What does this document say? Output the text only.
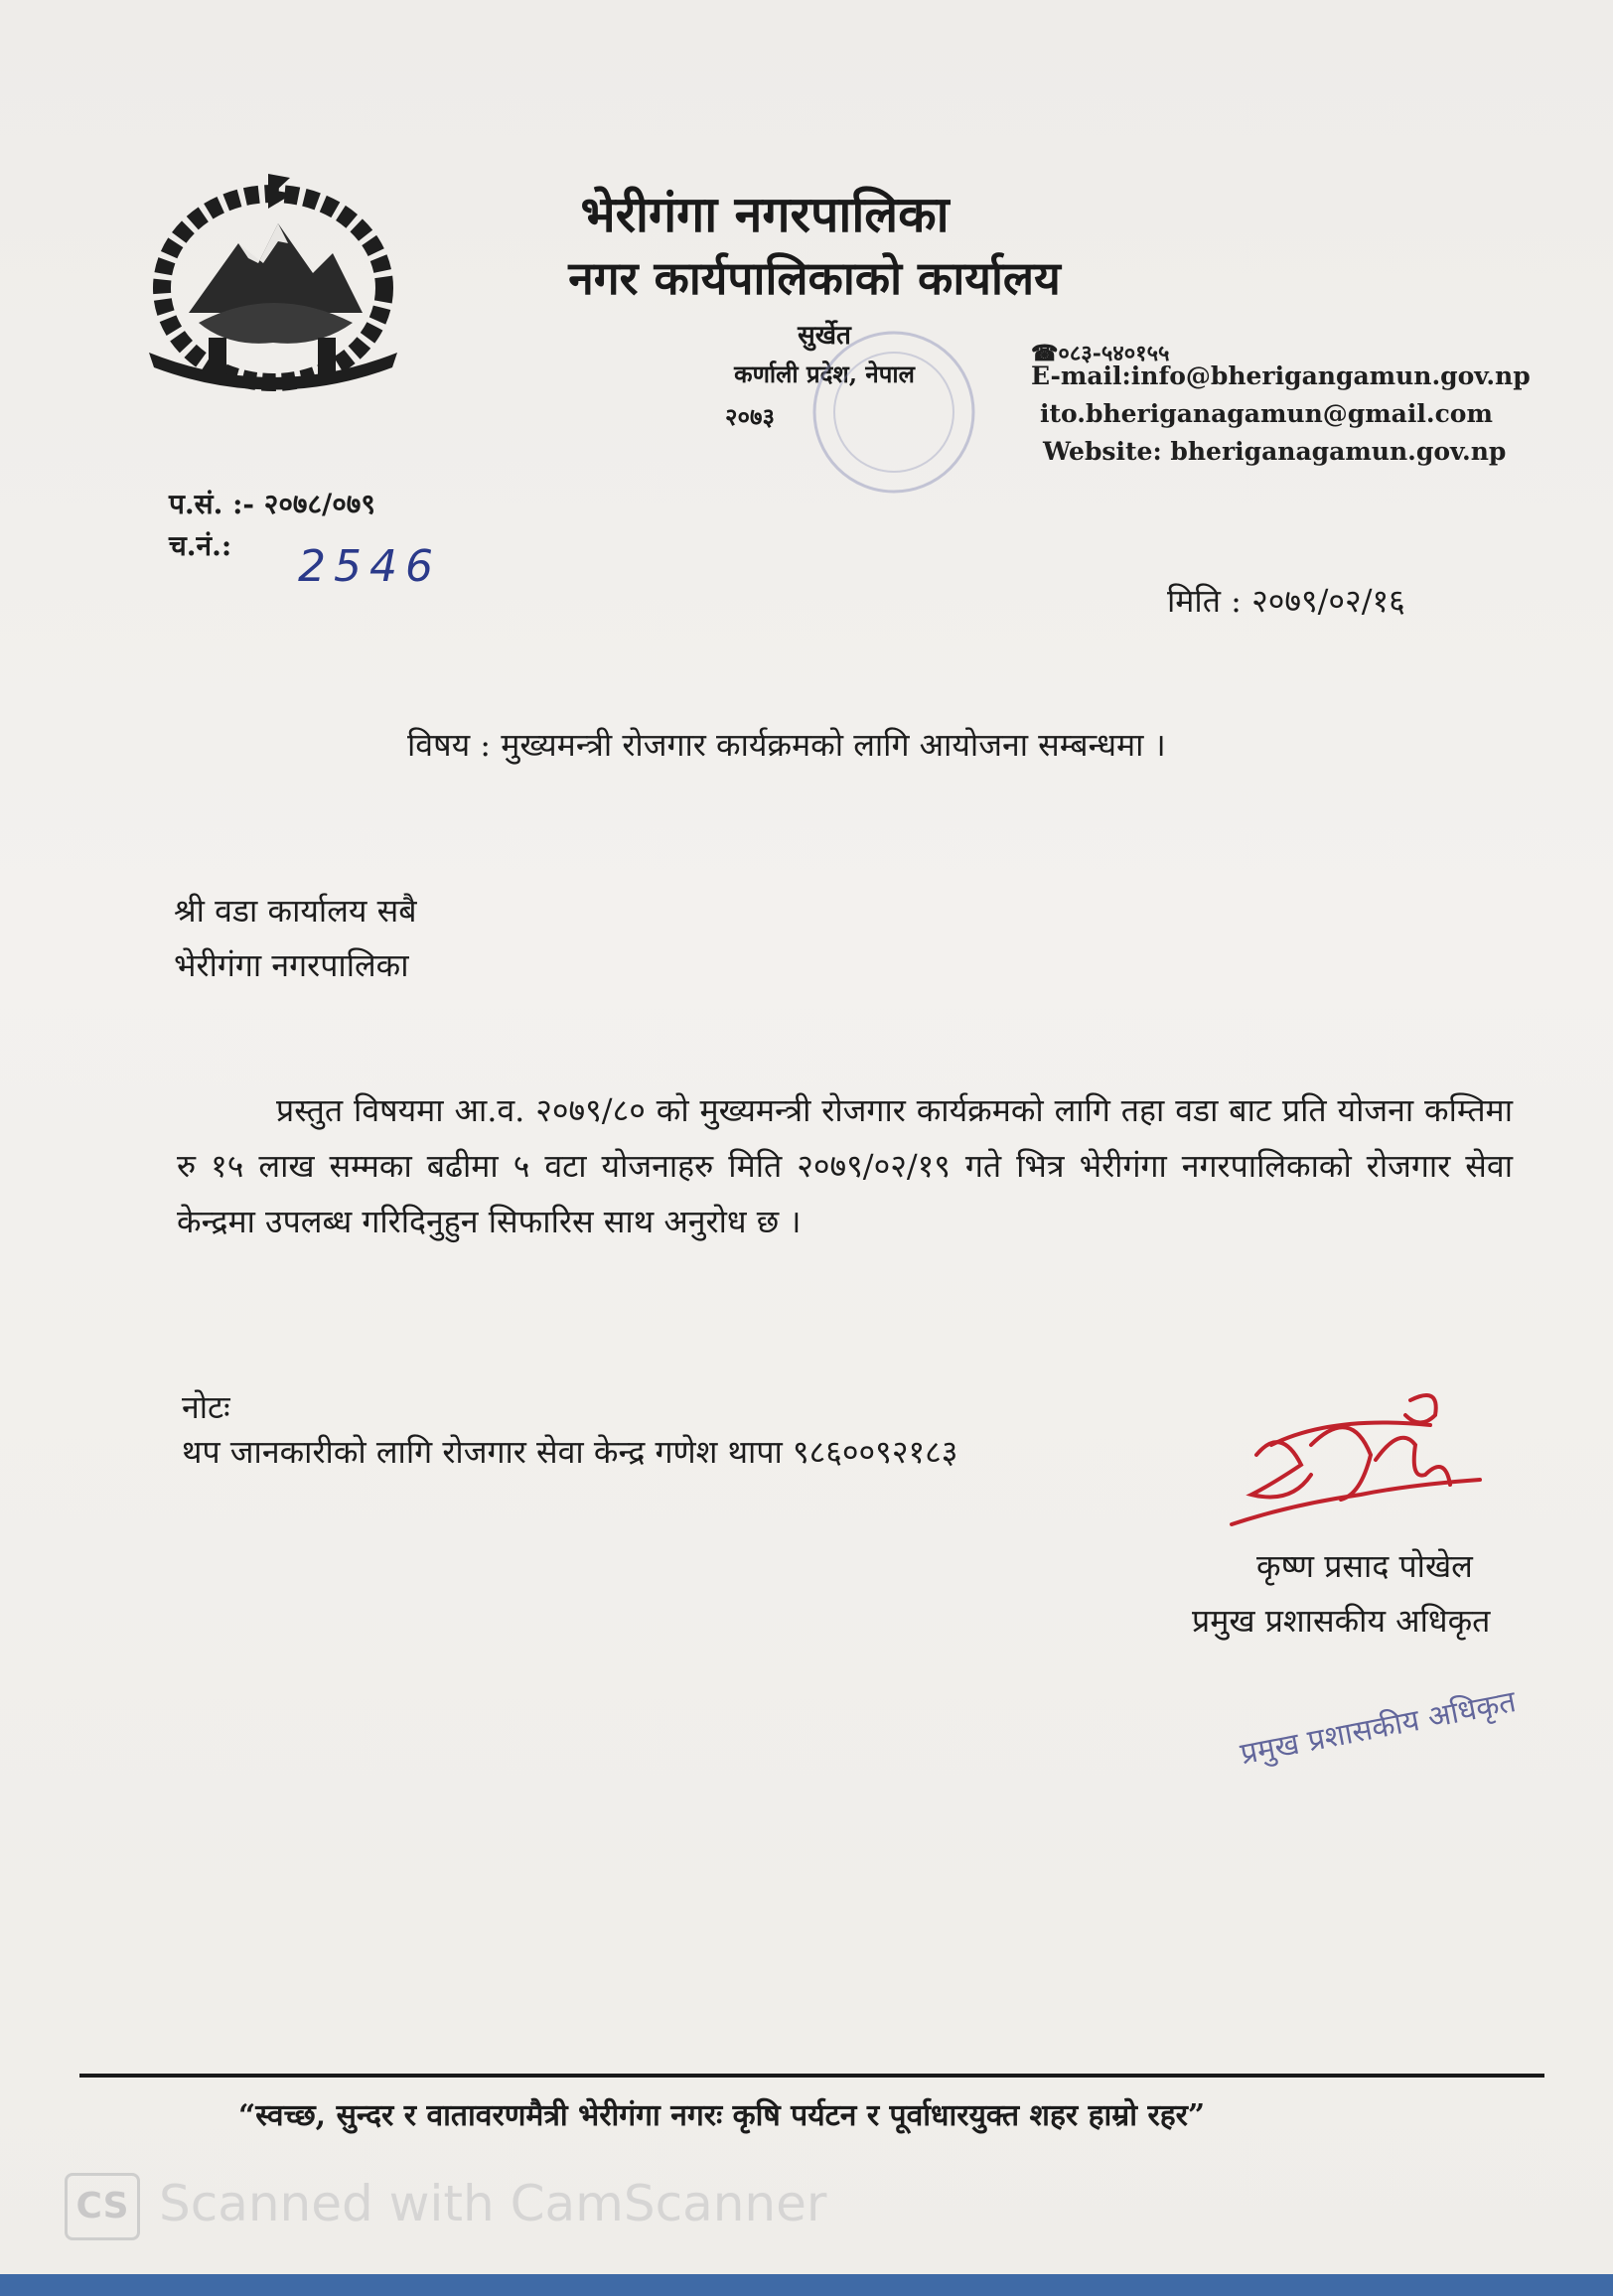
भेरीगंगा नगरपालिका
नगर कार्यपालिकाको कार्यालय
सुर्खेत
कर्णाली प्रदेश, नेपाल
२०७३
☎०८३-५४०१५५
E-mail:info@bherigangamun.gov.np
ito.bheriganagamun@gmail.com
Website: bheriganagamun.gov.np
प.सं. :- २०७८/०७९
च.नं.: 2546
मिति : २०७९/०२/१६
विषय : मुख्यमन्त्री रोजगार कार्यक्रमको लागि आयोजना सम्बन्धमा ।
श्री वडा कार्यालय सबै
भेरीगंगा नगरपालिका
प्रस्तुत विषयमा आ.व. २०७९/८० को मुख्यमन्त्री रोजगार कार्यक्रमको लागि तहा वडा बाट प्रति योजना कम्तिमा रु १५ लाख सम्मका बढीमा ५ वटा योजनाहरु मिति २०७९/०२/१९ गते भित्र भेरीगंगा नगरपालिकाको रोजगार सेवा केन्द्रमा उपलब्ध गरिदिनुहुन सिफारिस साथ अनुरोध छ ।
नोटः
थप जानकारीको लागि रोजगार सेवा केन्द्र गणेश थापा ९८६००९२१८३
कृष्ण प्रसाद पोखेल
प्रमुख प्रशासकीय अधिकृत
प्रमुख प्रशासकीय अधिकृत
“स्वच्छ, सुन्दर र वातावरणमैत्री भेरीगंगा नगरः कृषि पर्यटन र पूर्वाधारयुक्त शहर हाम्रो रहर”
CS Scanned with CamScanner
